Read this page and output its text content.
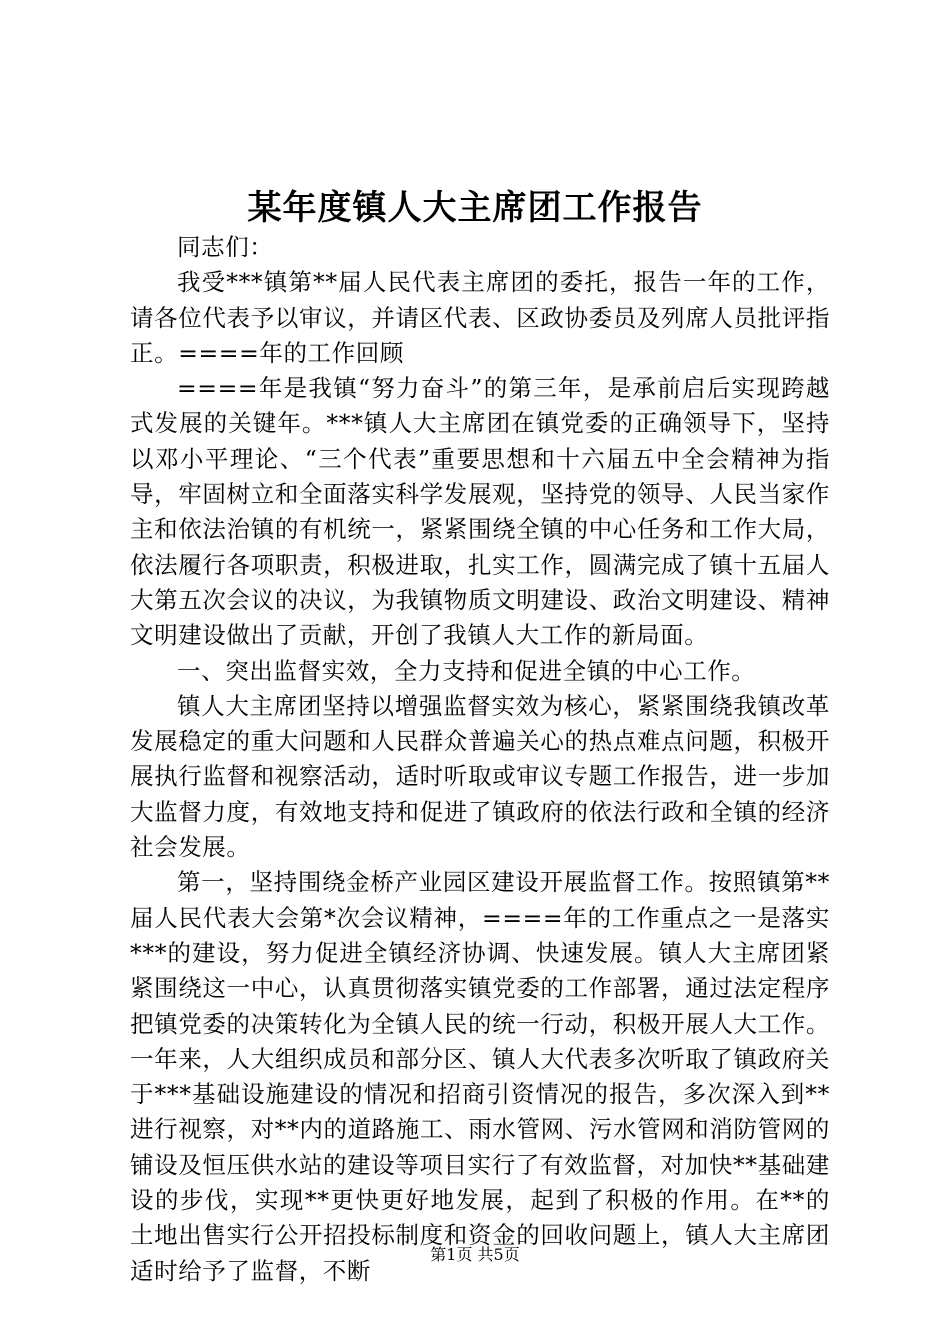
某年度镇人大主席团工作报告

同志们：

我受***镇第**届人民代表主席团的委托，报告一年的工作，请各位代表予以审议，并请区代表、区政协委员及列席人员批评指正。====年的工作回顾

====年是我镇“努力奋斗”的第三年，是承前启后实现跨越式发展的关键年。***镇人大主席团在镇党委的正确领导下，坚持以邓小平理论、“三个代表”重要思想和十六届五中全会精神为指导，牢固树立和全面落实科学发展观，坚持党的领导、人民当家作主和依法治镇的有机统一，紧紧围绕全镇的中心任务和工作大局，依法履行各项职责，积极进取，扎实工作，圆满完成了镇十五届人大第五次会议的决议，为我镇物质文明建设、政治文明建设、精神文明建设做出了贡献，开创了我镇人大工作的新局面。

一、突出监督实效，全力支持和促进全镇的中心工作。

镇人大主席团坚持以增强监督实效为核心，紧紧围绕我镇改革发展稳定的重大问题和人民群众普遍关心的热点难点问题，积极开展执行监督和视察活动，适时听取或审议专题工作报告，进一步加大监督力度，有效地支持和促进了镇政府的依法行政和全镇的经济社会发展。

第一，坚持围绕金桥产业园区建设开展监督工作。按照镇第**届人民代表大会第*次会议精神，====年的工作重点之一是落实***的建设，努力促进全镇经济协调、快速发展。镇人大主席团紧紧围绕这一中心，认真贯彻落实镇党委的工作部署，通过法定程序把镇党委的决策转化为全镇人民的统一行动，积极开展人大工作。一年来，人大组织成员和部分区、镇人大代表多次听取了镇政府关于***基础设施建设的情况和招商引资情况的报告，多次深入到**进行视察，对**内的道路施工、雨水管网、污水管网和消防管网的铺设及恒压供水站的建设等项目实行了有效监督，对加快**基础建设的步伐，实现**更快更好地发展，起到了积极的作用。在**的土地出售实行公开招投标制度和资金的回收问题上，镇人大主席团适时给予了监督，不断

第1页 共5页
